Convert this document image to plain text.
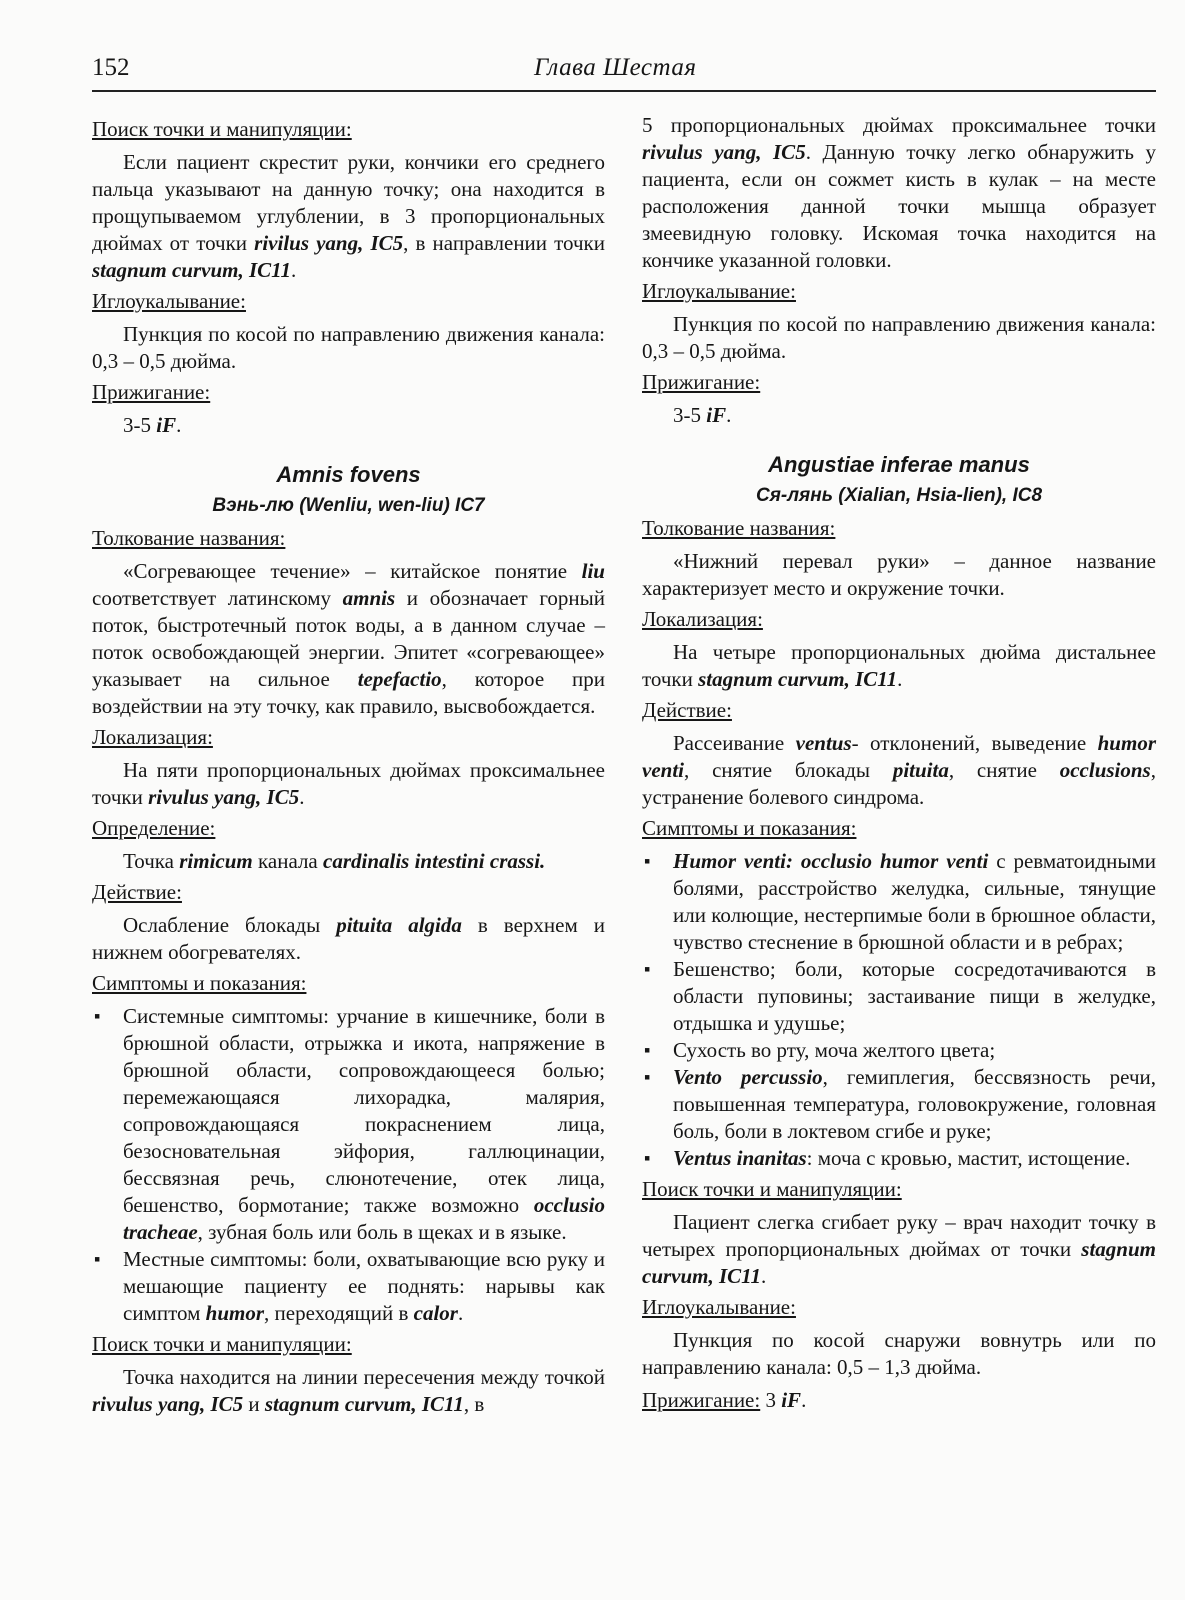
152	Глава Шестая
Поиск точки и манипуляции:
Если пациент скрестит руки, кончики его среднего пальца указывают на данную точку; она находится в прощупываемом углублении, в 3 пропорциональных дюймах от точки rivilus yang, IC5, в направлении точки stagnum curvum, IC11.
Иглоукалывание:
Пункция по косой по направлению движения канала: 0,3 – 0,5 дюйма.
Прижигание:
3-5 iF.
Amnis fovens
Вэнь-лю (Wenliu, wen-liu) IC7
Толкование названия:
«Согревающее течение» – китайское понятие liu соответствует латинскому amnis и обозначает горный поток, быстротечный поток воды, а в данном случае – поток освобождающей энергии. Эпитет «согревающее» указывает на сильное tepefactio, которое при воздействии на эту точку, как правило, высвобождается.
Локализация:
На пяти пропорциональных дюймах проксимальнее точки rivulus yang, IC5.
Определение:
Точка rimicum канала cardinalis intestini crassi.
Действие:
Ослабление блокады pituita algida в верхнем и нижнем обогревателях.
Симптомы и показания:
▪ Системные симптомы: урчание в кишечнике, боли в брюшной области, отрыжка и икота, напряжение в брюшной области, сопровождающееся болью; перемежающаяся лихорадка, малярия, сопровождающаяся покраснением лица, безосновательная эйфория, галлюцинации, бессвязная речь, слюнотечение, отек лица, бешенство, бормотание; также возможно occlusio tracheae, зубная боль или боль в щеках и в языке.
▪ Местные симптомы: боли, охватывающие всю руку и мешающие пациенту ее поднять: нарывы как симптом humor, переходящий в calor.
Поиск точки и манипуляции:
Точка находится на линии пересечения между точкой rivulus yang, IC5 и stagnum curvum, IC11, в
5 пропорциональных дюймах проксимальнее точки rivulus yang, IC5. Данную точку легко обнаружить у пациента, если он сожмет кисть в кулак – на месте расположения данной точки мышца образует змеевидную головку. Искомая точка находится на кончике указанной головки.
Иглоукалывание:
Пункция по косой по направлению движения канала: 0,3 – 0,5 дюйма.
Прижигание:
3-5 iF.
Angustiae inferae manus
Ся-лянь (Xialian, Hsia-lien), IC8
Толкование названия:
«Нижний перевал руки» – данное название характеризует место и окружение точки.
Локализация:
На четыре пропорциональных дюйма дистальнее точки stagnum curvum, IC11.
Действие:
Рассеивание ventus- отклонений, выведение humor venti, снятие блокады pituita, снятие occlusions, устранение болевого синдрома.
Симптомы и показания:
▪ Humor venti: occlusio humor venti с ревматоидными болями, расстройство желудка, сильные, тянущие или колющие, нестерпимые боли в брюшное области, чувство стеснение в брюшной области и в ребрах;
▪ Бешенство; боли, которые сосредотачиваются в области пуповины; застаивание пищи в желудке, отдышка и удушье;
▪ Сухость во рту, моча желтого цвета;
▪ Vento percussio, гемиплегия, бессвязность речи, повышенная температура, головокружение, головная боль, боли в локтевом сгибе и руке;
▪ Ventus inanitas: моча с кровью, мастит, истощение.
Поиск точки и манипуляции:
Пациент слегка сгибает руку – врач находит точку в четырех пропорциональных дюймах от точки stagnum curvum, IC11.
Иглоукалывание:
Пункция по косой снаружи вовнутрь или по направлению канала: 0,5 – 1,3 дюйма.
Прижигание: 3 iF.
